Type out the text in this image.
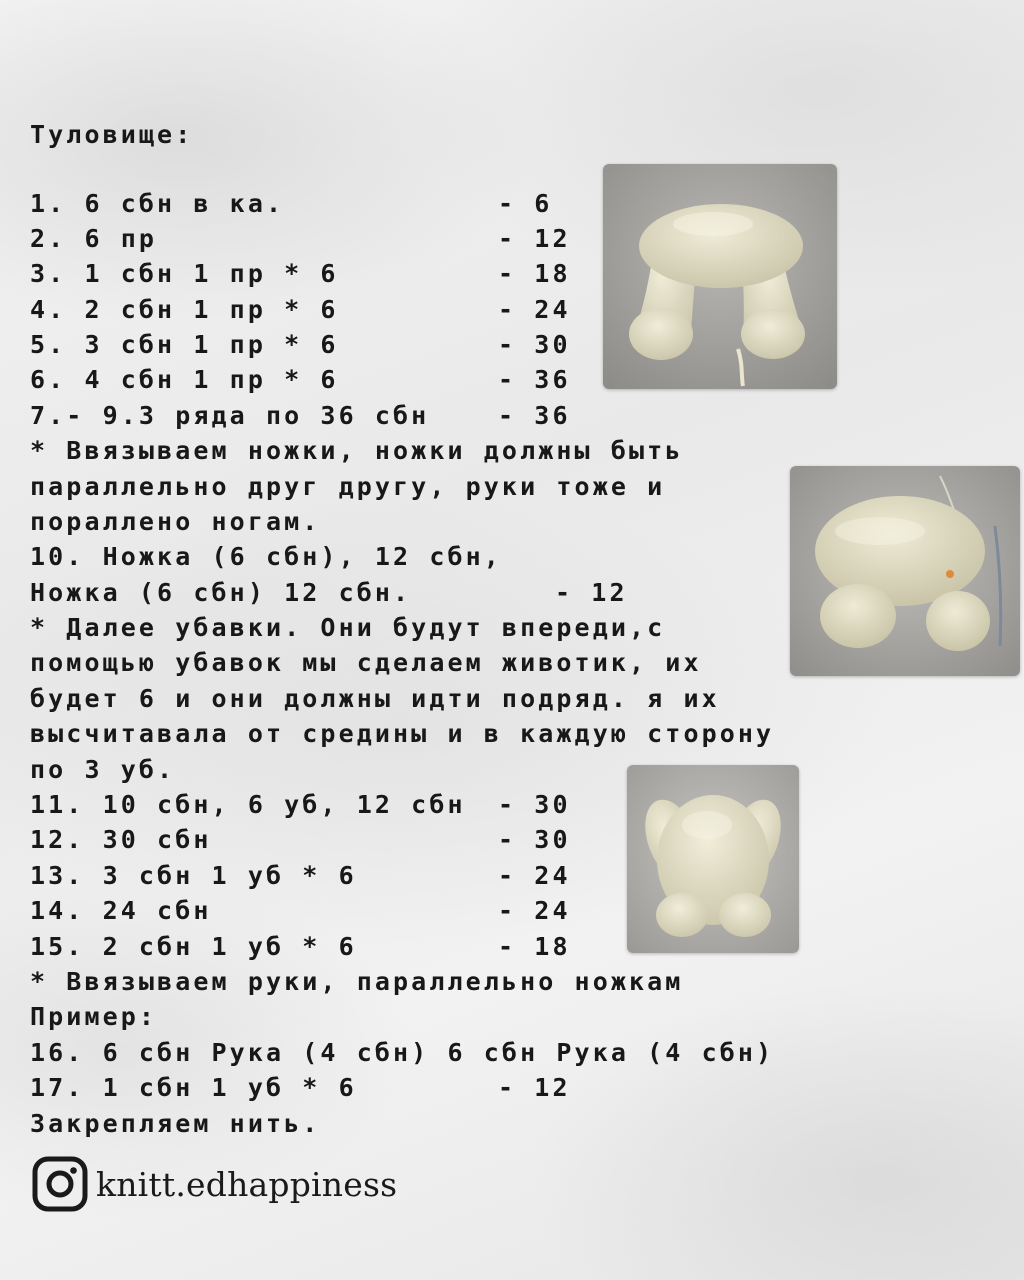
Туловище:
1. 6 сбн в ка.	- 6
2. 6 пр	- 12
3. 1 сбн 1 пр * 6	- 18
4. 2 сбн 1 пр * 6	- 24
5. 3 сбн 1 пр * 6	- 30
6. 4 сбн 1 пр * 6	- 36
7.- 9.3 ряда по 36 сбн	- 36
* Ввязываем ножки, ножки должны быть
параллельно друг другу, руки тоже и
пораллено ногам.
10. Ножка (6 сбн), 12 сбн,
Ножка (6 сбн) 12 сбн.	- 12
* Далее убавки. Они будут впереди,с
помощью убавок мы сделаем животик, их
будет 6 и они должны идти подряд. я их
высчитавала от средины и в каждую сторону
по 3 уб.
11. 10 сбн, 6 уб, 12 сбн - 30
12. 30 сбн	- 30
13. 3 сбн 1 уб * 6	- 24
14. 24 сбн	- 24
15. 2 сбн 1 уб * 6	- 18
* Ввязываем руки, параллельно ножкам
Пример:
16. 6 сбн Рука (4 сбн) 6 сбн Рука (4 сбн)
17. 1 сбн 1 уб * 6	- 12
Закрепляем нить.
knitt.edhappiness
